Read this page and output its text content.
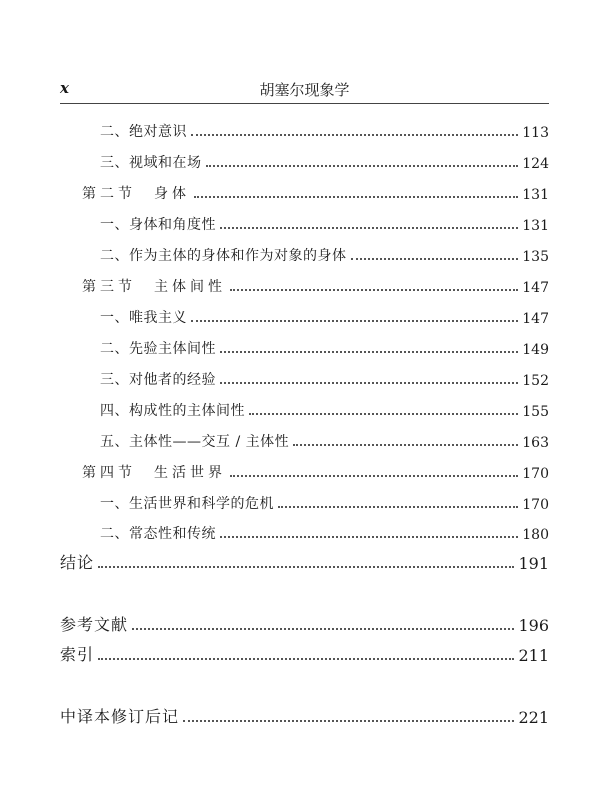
x	胡塞尔现象学
二、绝对意识	113
三、视域和在场	124
第二节　身体	131
一、身体和角度性	131
二、作为主体的身体和作为对象的身体	135
第三节　主体间性	147
一、唯我主义	147
二、先验主体间性	149
三、对他者的经验	152
四、构成性的主体间性	155
五、主体性——交互 / 主体性	163
第四节　生活世界	170
一、生活世界和科学的危机	170
二、常态性和传统	180
结论	191
参考文献	196
索引	211
中译本修订后记	221
